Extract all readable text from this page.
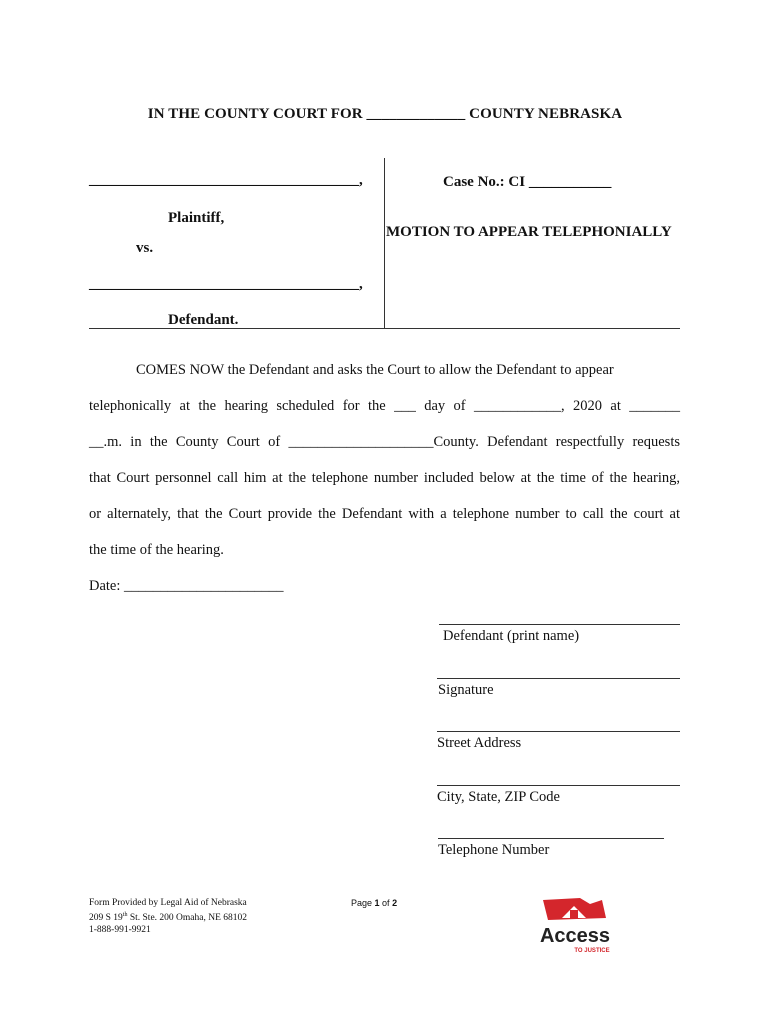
IN THE COUNTY COURT FOR _____________ COUNTY NEBRASKA
____________________________________,
Plaintiff,
vs.
____________________________________,
Defendant.
Case No.: CI ___________
MOTION TO APPEAR TELEPHONIALLY
COMES NOW the Defendant and asks the Court to allow the Defendant to appear
telephonically at the hearing scheduled for the ___ day of ____________, 2020 at _______
__.m. in the County Court of ____________________County. Defendant respectfully requests
that Court personnel call him at the telephone number included below at the time of the hearing,
or alternately, that the Court provide the Defendant with a telephone number to call the court at
the time of the hearing.
Date: ______________________
Defendant (print name)
Signature
Street Address
City, State, ZIP Code
Telephone Number
Form Provided by Legal Aid of Nebraska
209 S 19th St. Ste. 200 Omaha, NE 68102
1-888-991-9921
Page 1 of 2
Access
TO JUSTICE
